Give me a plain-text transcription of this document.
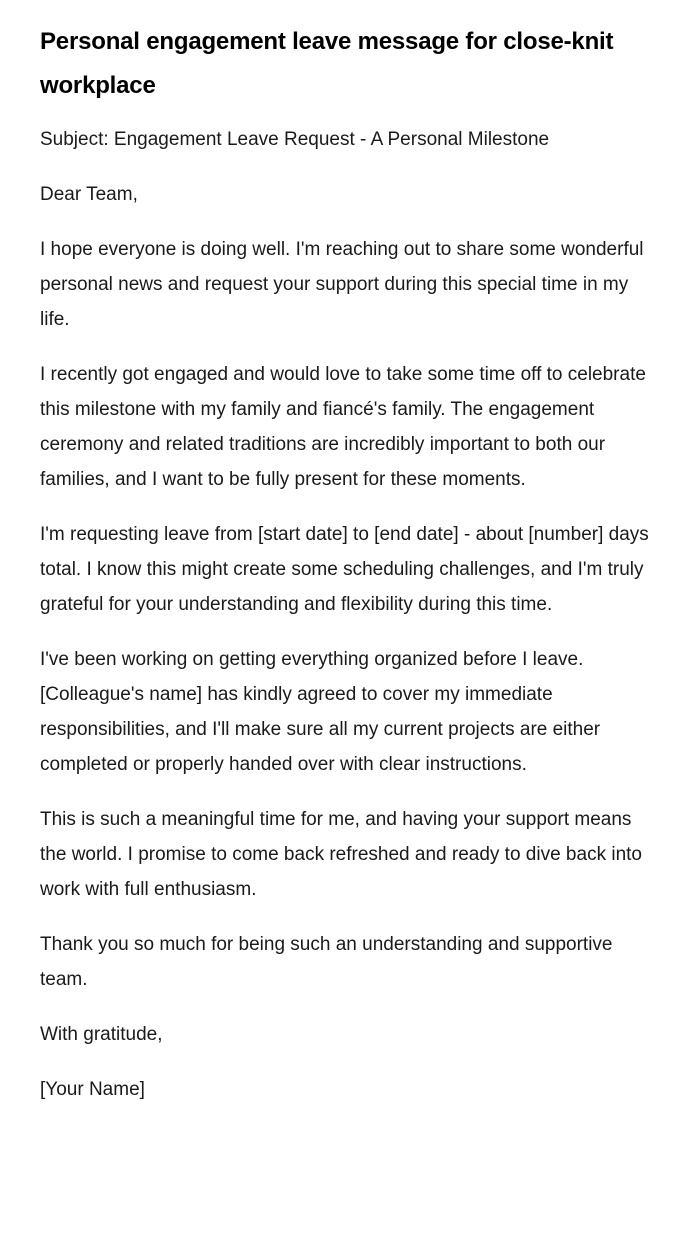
Personal engagement leave message for close-knit workplace

Subject: Engagement Leave Request - A Personal Milestone

Dear Team,

I hope everyone is doing well. I'm reaching out to share some wonderful personal news and request your support during this special time in my life.

I recently got engaged and would love to take some time off to celebrate this milestone with my family and fiancé's family. The engagement ceremony and related traditions are incredibly important to both our families, and I want to be fully present for these moments.

I'm requesting leave from [start date] to [end date] - about [number] days total. I know this might create some scheduling challenges, and I'm truly grateful for your understanding and flexibility during this time.

I've been working on getting everything organized before I leave. [Colleague's name] has kindly agreed to cover my immediate responsibilities, and I'll make sure all my current projects are either completed or properly handed over with clear instructions.

This is such a meaningful time for me, and having your support means the world. I promise to come back refreshed and ready to dive back into work with full enthusiasm.

Thank you so much for being such an understanding and supportive team.

With gratitude,

[Your Name]
